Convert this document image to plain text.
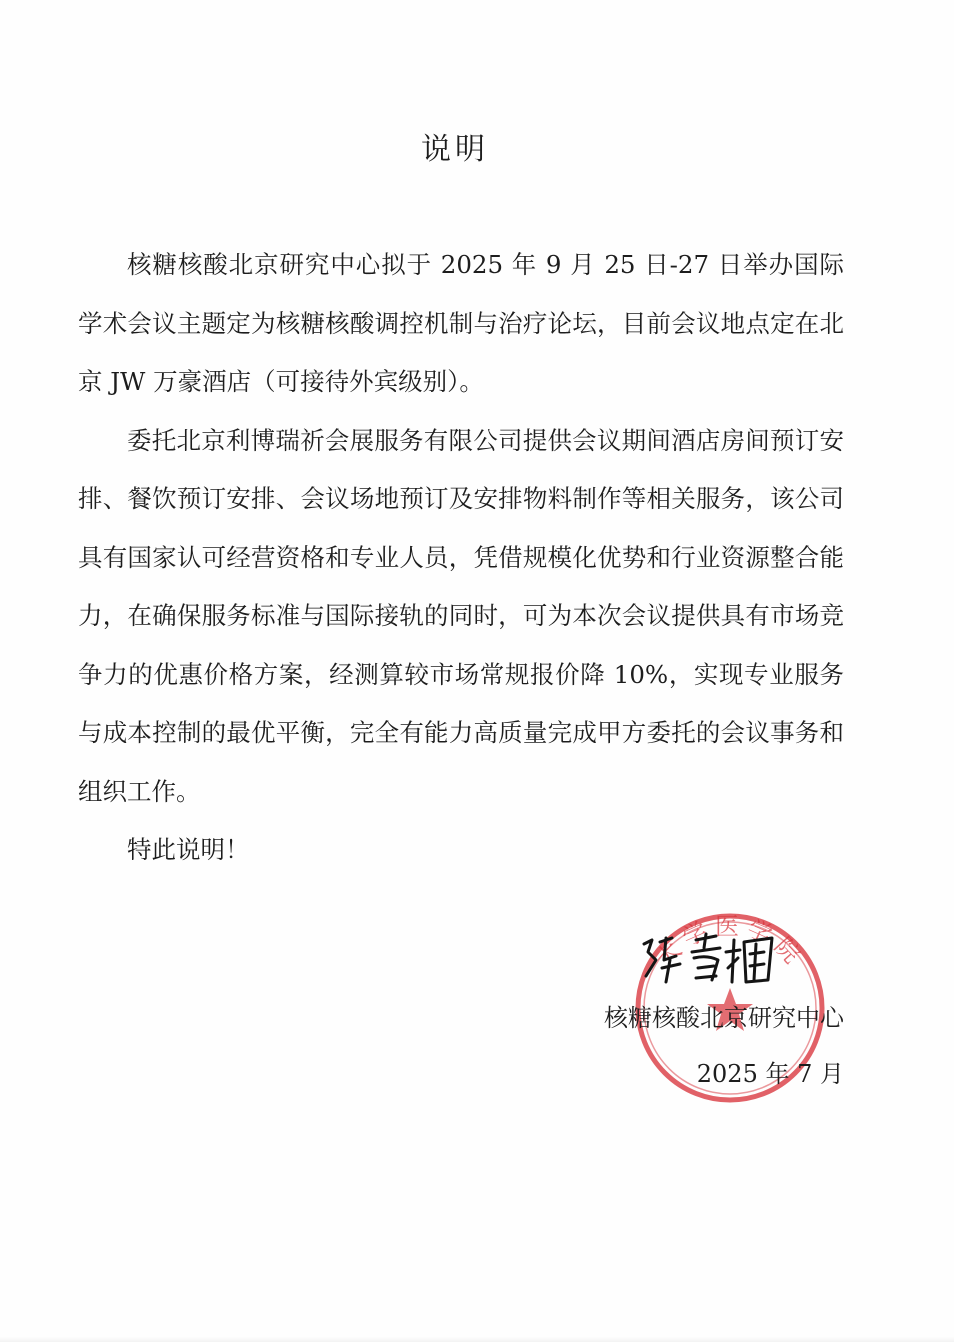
说明

核糖核酸北京研究中心拟于 2025 年 9 月 25 日-27 日举办国际学术会议主题定为核糖核酸调控机制与治疗论坛，目前会议地点定在北京 JW 万豪酒店（可接待外宾级别）。

委托北京利博瑞祈会展服务有限公司提供会议期间酒店房间预订安排、餐饮预订安排、会议场地预订及安排物料制作等相关服务，该公司具有国家认可经营资格和专业人员，凭借规模化优势和行业资源整合能力，在确保服务标准与国际接轨的同时，可为本次会议提供具有市场竞争力的优惠价格方案，经测算较市场常规报价降 10%，实现专业服务与成本控制的最优平衡，完全有能力高质量完成甲方委托的会议事务和组织工作。

特此说明！

大学医学院
核糖核酸北京研究中心
2025 年 7 月
